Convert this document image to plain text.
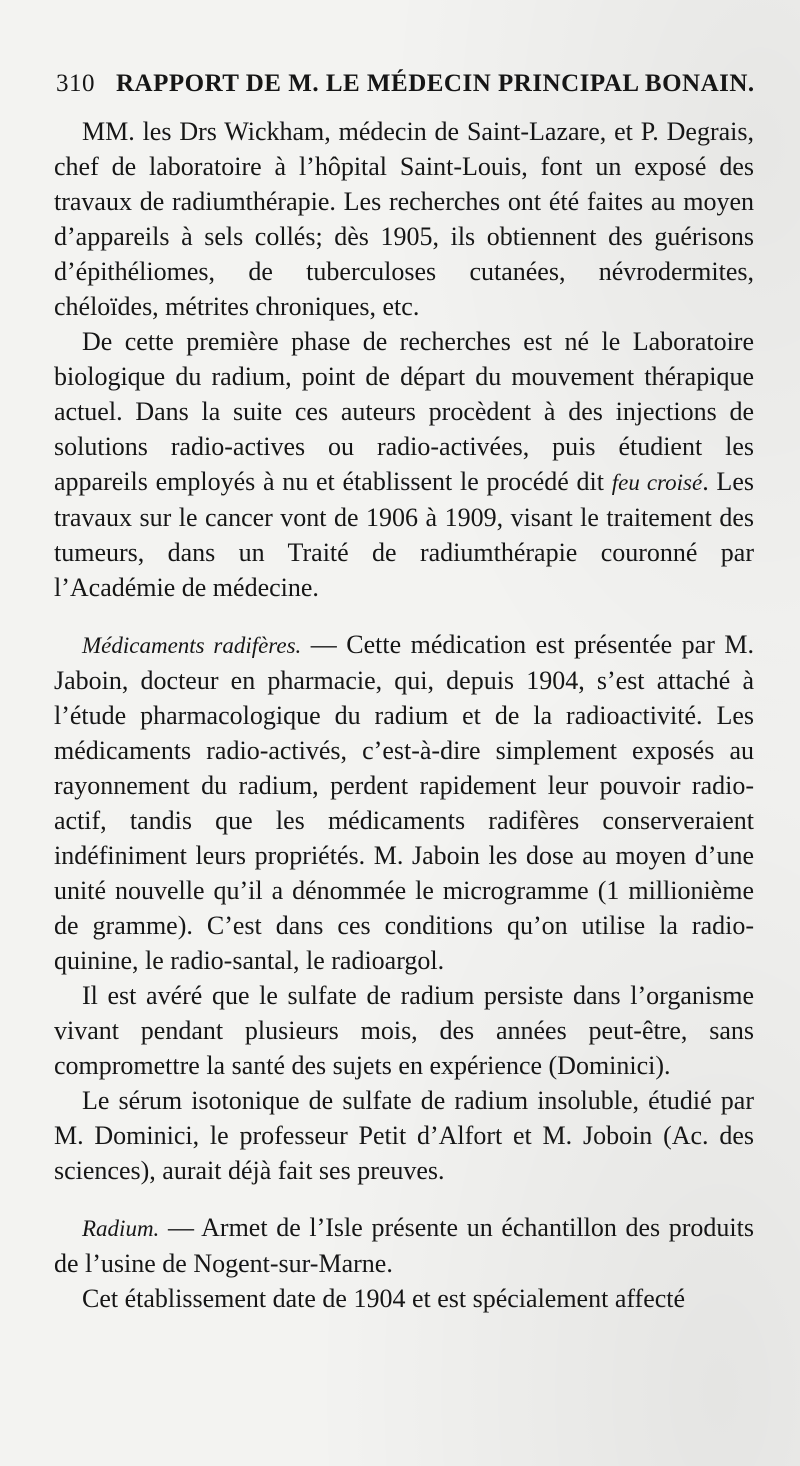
310 RAPPORT DE M. LE MÉDECIN PRINCIPAL BONAIN.

MM. les Drs Wickham, médecin de Saint-Lazare, et P. Degrais, chef de laboratoire à l’hôpital Saint-Louis, font un exposé des travaux de radiumthérapie. Les recherches ont été faites au moyen d’appareils à sels collés; dès 1905, ils obtiennent des guérisons d’épithéliomes, de tuberculoses cutanées, névrodermites, chéloïdes, métrites chroniques, etc.

De cette première phase de recherches est né le Laboratoire biologique du radium, point de départ du mouvement thérapique actuel. Dans la suite ces auteurs procèdent à des injections de solutions radio-actives ou radio-activées, puis étudient les appareils employés à nu et établissent le procédé dit feu croisé. Les travaux sur le cancer vont de 1906 à 1909, visant le traitement des tumeurs, dans un Traité de radiumthérapie couronné par l’Académie de médecine.

Médicaments radifères. — Cette médication est présentée par M. Jaboin, docteur en pharmacie, qui, depuis 1904, s’est attaché à l’étude pharmacologique du radium et de la radioactivité. Les médicaments radio-activés, c’est-à-dire simplement exposés au rayonnement du radium, perdent rapidement leur pouvoir radio-actif, tandis que les médicaments radifères conserveraient indéfiniment leurs propriétés. M. Jaboin les dose au moyen d’une unité nouvelle qu’il a dénommée le microgramme (1 millionième de gramme). C’est dans ces conditions qu’on utilise la radio-quinine, le radio-santal, le radioargol.

Il est avéré que le sulfate de radium persiste dans l’organisme vivant pendant plusieurs mois, des années peut-être, sans compromettre la santé des sujets en expérience (Dominici).

Le sérum isotonique de sulfate de radium insoluble, étudié par M. Dominici, le professeur Petit d’Alfort et M. Joboin (Ac. des sciences), aurait déjà fait ses preuves.

Radium. — Armet de l’Isle présente un échantillon des produits de l’usine de Nogent-sur-Marne.

Cet établissement date de 1904 et est spécialement affecté
